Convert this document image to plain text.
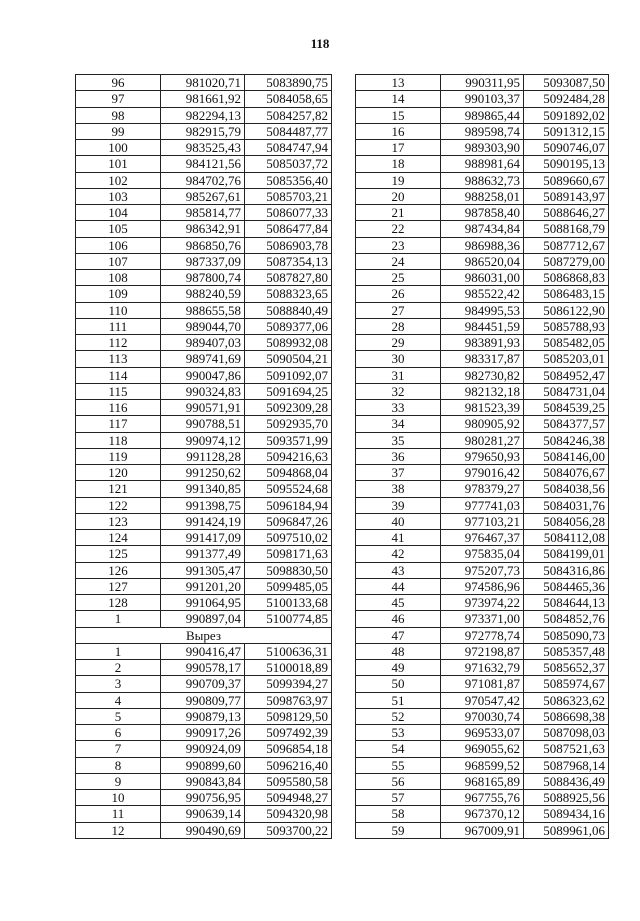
118
96	981020,71	5083890,75
97	981661,92	5084058,65
98	982294,13	5084257,82
99	982915,79	5084487,77
100	983525,43	5084747,94
101	984121,56	5085037,72
102	984702,76	5085356,40
103	985267,61	5085703,21
104	985814,77	5086077,33
105	986342,91	5086477,84
106	986850,76	5086903,78
107	987337,09	5087354,13
108	987800,74	5087827,80
109	988240,59	5088323,65
110	988655,58	5088840,49
111	989044,70	5089377,06
112	989407,03	5089932,08
113	989741,69	5090504,21
114	990047,86	5091092,07
115	990324,83	5091694,25
116	990571,91	5092309,28
117	990788,51	5092935,70
118	990974,12	5093571,99
119	991128,28	5094216,63
120	991250,62	5094868,04
121	991340,85	5095524,68
122	991398,75	5096184,94
123	991424,19	5096847,26
124	991417,09	5097510,02
125	991377,49	5098171,63
126	991305,47	5098830,50
127	991201,20	5099485,05
128	991064,95	5100133,68
1	990897,04	5100774,85
Вырез		
1	990416,47	5100636,31
2	990578,17	5100018,89
3	990709,37	5099394,27
4	990809,77	5098763,97
5	990879,13	5098129,50
6	990917,26	5097492,39
7	990924,09	5096854,18
8	990899,60	5096216,40
9	990843,84	5095580,58
10	990756,95	5094948,27
11	990639,14	5094320,98
12	990490,69	5093700,22
13	990311,95	5093087,50
14	990103,37	5092484,28
15	989865,44	5091892,02
16	989598,74	5091312,15
17	989303,90	5090746,07
18	988981,64	5090195,13
19	988632,73	5089660,67
20	988258,01	5089143,97
21	987858,40	5088646,27
22	987434,84	5088168,79
23	986988,36	5087712,67
24	986520,04	5087279,00
25	986031,00	5086868,83
26	985522,42	5086483,15
27	984995,53	5086122,90
28	984451,59	5085788,93
29	983891,93	5085482,05
30	983317,87	5085203,01
31	982730,82	5084952,47
32	982132,18	5084731,04
33	981523,39	5084539,25
34	980905,92	5084377,57
35	980281,27	5084246,38
36	979650,93	5084146,00
37	979016,42	5084076,67
38	978379,27	5084038,56
39	977741,03	5084031,76
40	977103,21	5084056,28
41	976467,37	5084112,08
42	975835,04	5084199,01
43	975207,73	5084316,86
44	974586,96	5084465,36
45	973974,22	5084644,13
46	973371,00	5084852,76
47	972778,74	5085090,73
48	972198,87	5085357,48
49	971632,79	5085652,37
50	971081,87	5085974,67
51	970547,42	5086323,62
52	970030,74	5086698,38
53	969533,07	5087098,03
54	969055,62	5087521,63
55	968599,52	5087968,14
56	968165,89	5088436,49
57	967755,76	5088925,56
58	967370,12	5089434,16
59	967009,91	5089961,06
